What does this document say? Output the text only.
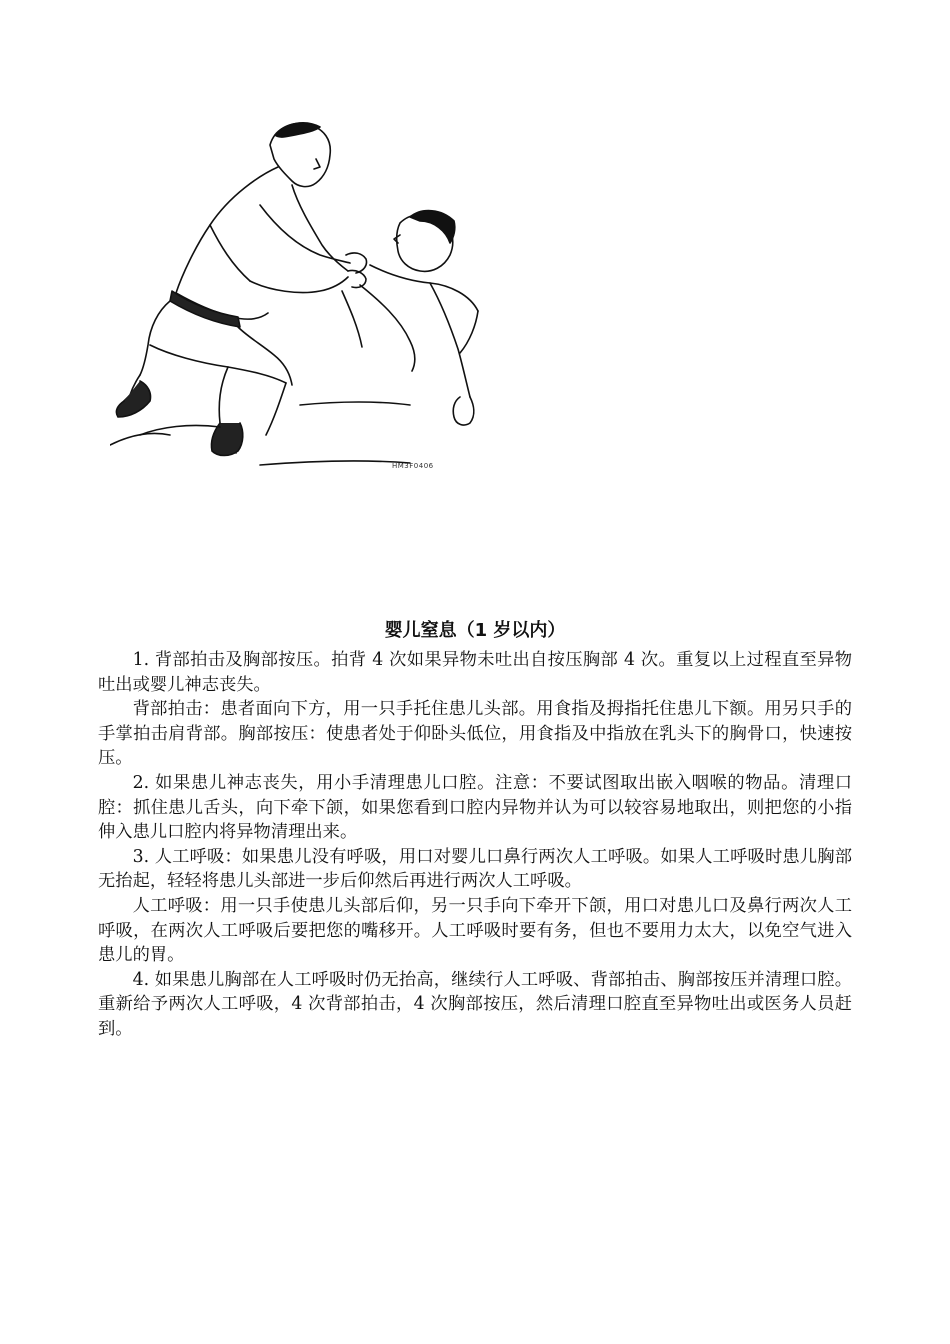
HM3F0406
婴儿窒息（1 岁以内）

1. 背部拍击及胸部按压。拍背 4 次如果异物未吐出自按压胸部 4 次。重复以上过程直至异物吐出或婴儿神志丧失。

背部拍击：患者面向下方，用一只手托住患儿头部。用食指及拇指托住患儿下额。用另只手的手掌拍击肩背部。胸部按压：使患者处于仰卧头低位，用食指及中指放在乳头下的胸骨口，快速按压。

2. 如果患儿神志丧失，用小手清理患儿口腔。注意：不要试图取出嵌入咽喉的物品。清理口腔：抓住患儿舌头，向下牵下颌，如果您看到口腔内异物并认为可以较容易地取出，则把您的小指伸入患儿口腔内将异物清理出来。

3. 人工呼吸：如果患儿没有呼吸，用口对婴儿口鼻行两次人工呼吸。如果人工呼吸时患儿胸部无抬起，轻轻将患儿头部进一步后仰然后再进行两次人工呼吸。

人工呼吸：用一只手使患儿头部后仰，另一只手向下牵开下颌，用口对患儿口及鼻行两次人工呼吸，在两次人工呼吸后要把您的嘴移开。人工呼吸时要有务，但也不要用力太大，以免空气进入患儿的胃。

4. 如果患儿胸部在人工呼吸时仍无抬高，继续行人工呼吸、背部拍击、胸部按压并清理口腔。重新给予两次人工呼吸，4 次背部拍击，4 次胸部按压，然后清理口腔直至异物吐出或医务人员赶到。
